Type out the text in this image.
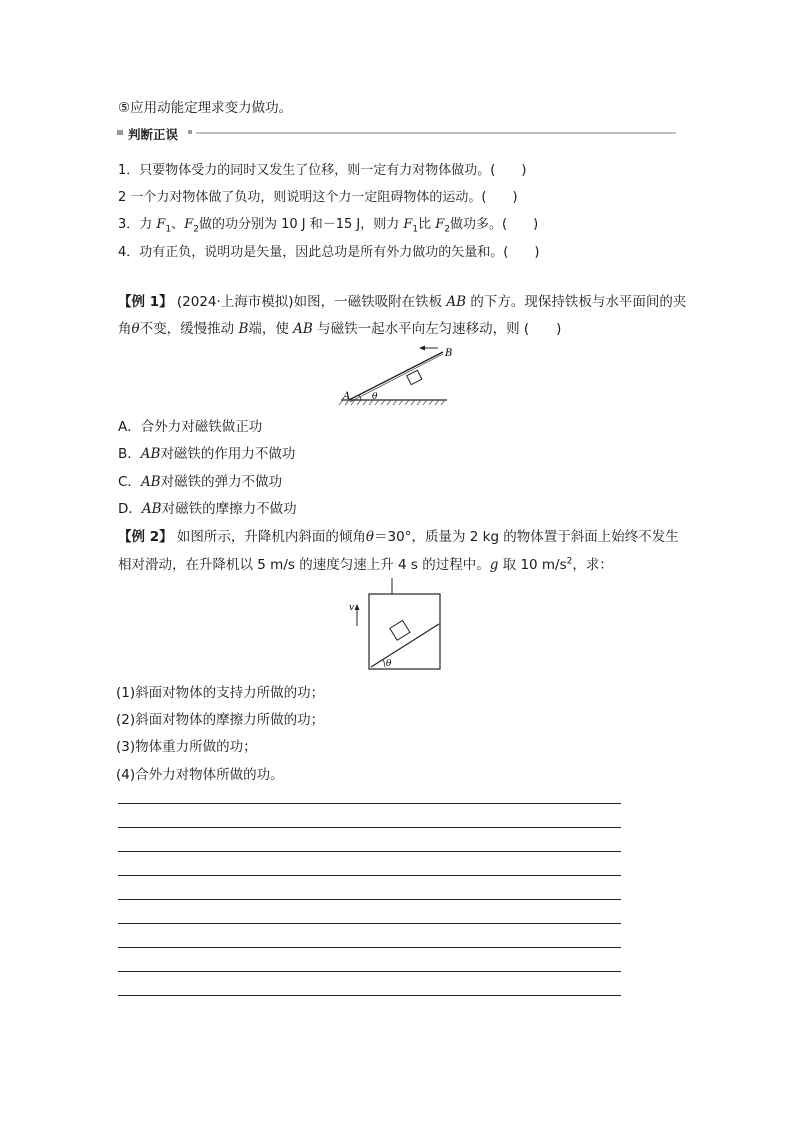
⑤应用动能定理求变力做功。
判断正误
1．只要物体受力的同时又发生了位移，则一定有力对物体做功。(　　)
2 一个力对物体做了负功，则说明这个力一定阻碍物体的运动。(　　)
3．力 $F_1$、$F_2$做的功分别为 10 J 和－15 J，则力 $F_1$比 $F_2$做功多。(　　)
4．功有正负，说明功是矢量，因此总功是所有外力做功的矢量和。(　　)
【例 1】 (2024·上海市模拟)如图，一磁铁吸附在铁板 AB 的下方。现保持铁板与水平面间的夹
角θ不变，缓慢推动 B端，使 AB 与磁铁一起水平向左匀速移动，则 (　　)
A
B
θ
A．合外力对磁铁做正功
B．AB对磁铁的作用力不做功
C．AB对磁铁的弹力不做功
D．AB对磁铁的摩擦力不做功
【例 2】 如图所示，升降机内斜面的倾角θ＝30°，质量为 2 kg 的物体置于斜面上始终不发生
相对滑动，在升降机以 5 m/s 的速度匀速上升 4 s 的过程中。g 取 10 $m/s^2$，求：
θ
v
(1)斜面对物体的支持力所做的功；
(2)斜面对物体的摩擦力所做的功；
(3)物体重力所做的功；
(4)合外力对物体所做的功。
